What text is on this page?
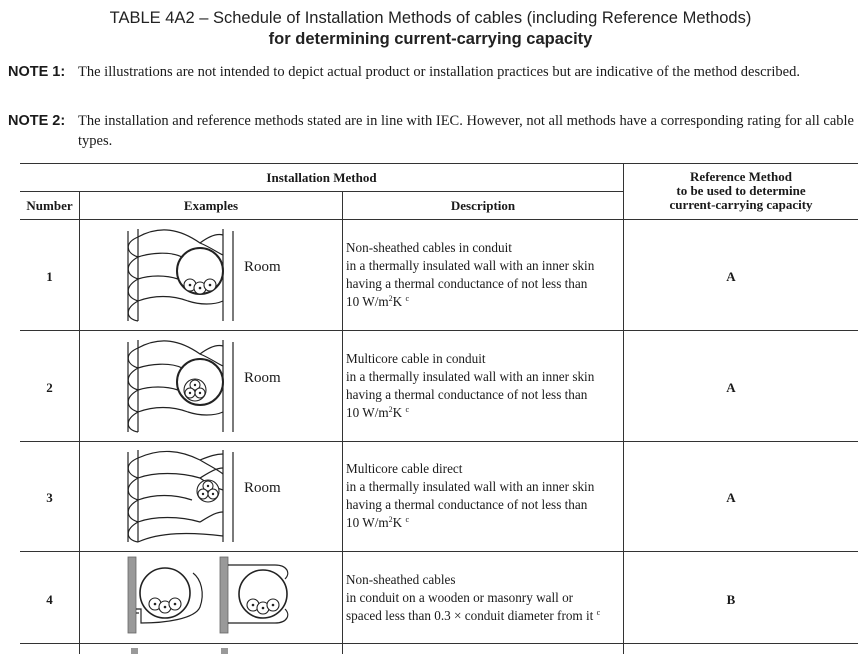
TABLE 4A2 – Schedule of Installation Methods of cables (including Reference Methods)
for determining current-carrying capacity
NOTE 1: The illustrations are not intended to depict actual product or installation practices but are indicative of the method described.
NOTE 2: The installation and reference methods stated are in line with IEC. However, not all methods have a corresponding rating for all cable types.
Installation Method
Number	Examples	Description
Reference Method
to be used to determine
current-carrying capacity
1
Room
Non-sheathed cables in conduit
in a thermally insulated wall with an inner skin
having a thermal conductance of not less than
10 $W/m^2K$ $^c$
A
2
Room
Multicore cable in conduit
in a thermally insulated wall with an inner skin
having a thermal conductance of not less than
10 $W/m^2K$ $^c$
A
3
Room
Multicore cable direct
in a thermally insulated wall with an inner skin
having a thermal conductance of not less than
10 $W/m^2K$ $^c$
A
4
Non-sheathed cables
in conduit on a wooden or masonry wall or
spaced less than 0.3 × conduit diameter from it $^c$
B
